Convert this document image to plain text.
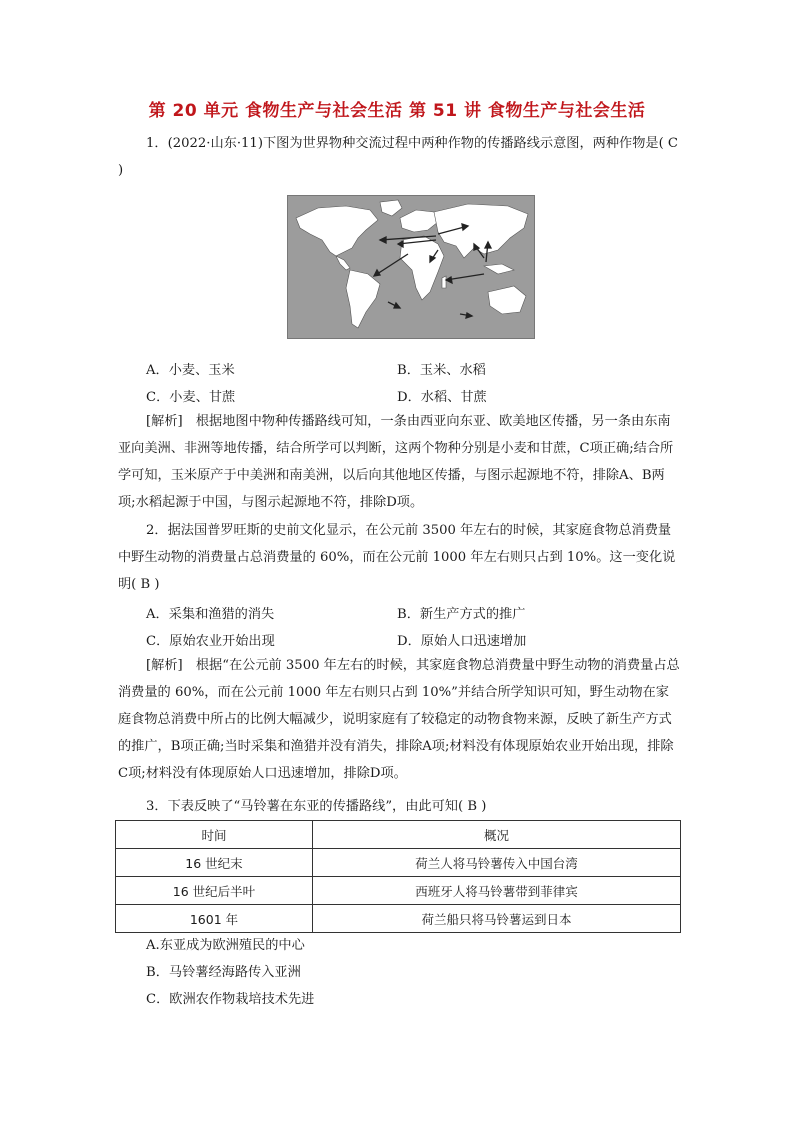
第 20 单元 食物生产与社会生活 第 51 讲 食物生产与社会生活
1．(2022·山东·11)下图为世界物种交流过程中两种作物的传播路线示意图，两种作物是( C )
A．小麦、玉米	B．玉米、水稻
C．小麦、甘蔗	D．水稻、甘蔗
[解析]　根据地图中物种传播路线可知，一条由西亚向东亚、欧美地区传播，另一条由东南亚向美洲、非洲等地传播，结合所学可以判断，这两个物种分别是小麦和甘蔗，C项正确;结合所学可知，玉米原产于中美洲和南美洲，以后向其他地区传播，与图示起源地不符，排除A、B两项;水稻起源于中国，与图示起源地不符，排除D项。
2．据法国普罗旺斯的史前文化显示，在公元前 3500 年左右的时候，其家庭食物总消费量中野生动物的消费量占总消费量的 60%，而在公元前 1000 年左右则只占到 10%。这一变化说明( B )
A．采集和渔猎的消失	B．新生产方式的推广
C．原始农业开始出现	D．原始人口迅速增加
[解析]　根据“在公元前 3500 年左右的时候，其家庭食物总消费量中野生动物的消费量占总消费量的 60%，而在公元前 1000 年左右则只占到 10%”并结合所学知识可知，野生动物在家庭食物总消费中所占的比例大幅减少，说明家庭有了较稳定的动物食物来源，反映了新生产方式的推广，B项正确;当时采集和渔猎并没有消失，排除A项;材料没有体现原始农业开始出现，排除C项;材料没有体现原始人口迅速增加，排除D项。
3．下表反映了“马铃薯在东亚的传播路线”，由此可知( B )
时间	概况
16 世纪末	荷兰人将马铃薯传入中国台湾
16 世纪后半叶	西班牙人将马铃薯带到菲律宾
1601 年	荷兰船只将马铃薯运到日本
A.东亚成为欧洲殖民的中心
B．马铃薯经海路传入亚洲
C．欧洲农作物栽培技术先进
